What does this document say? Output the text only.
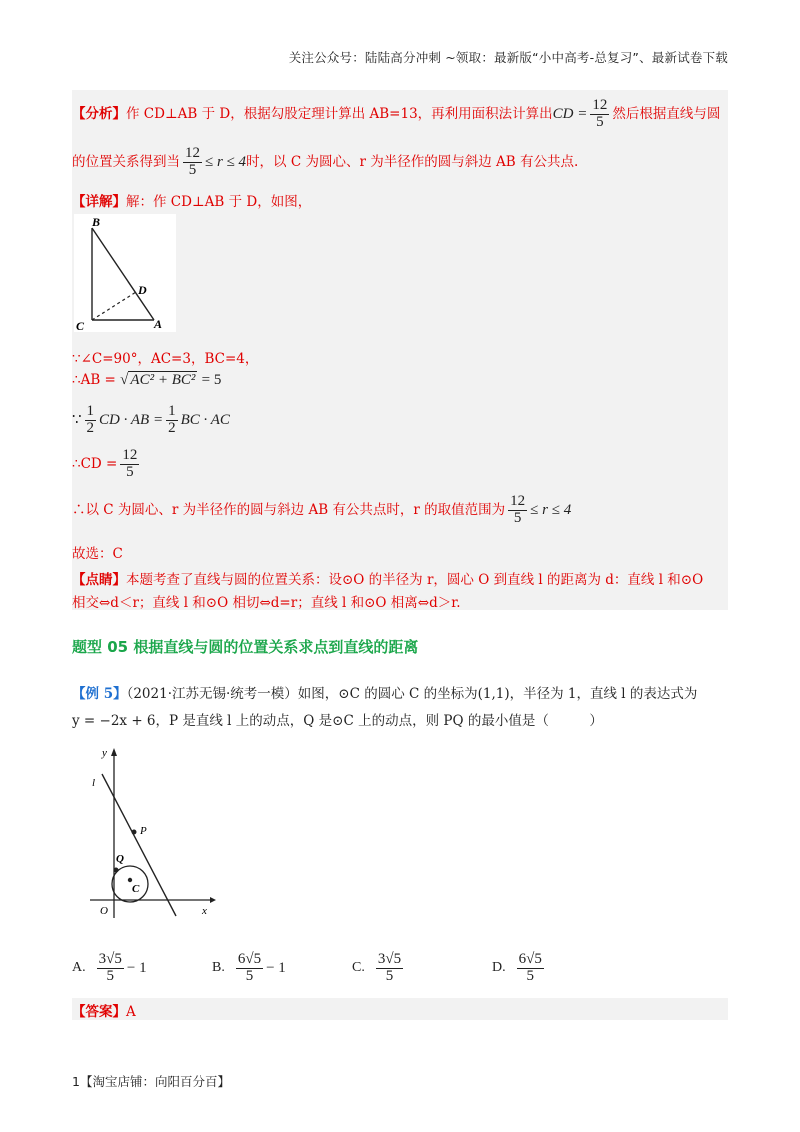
关注公众号：陆陆高分冲刺 ~领取：最新版“小中高考-总复习”、最新试卷下载
【分析】作 CD⊥AB 于 D，根据勾股定理计算出 AB=13，再利用面积法计算出CD = $\frac{12}{5}$ 然后根据直线与圆
的位置关系得到当 $\frac{12}{5} \le r \le 4$时，以 C 为圆心、r 为半径作的圆与斜边 AB 有公共点.
【详解】解：作 CD⊥AB 于 D，如图，
B
D
C	A
∵∠C=90°，AC=3，BC=4，
∴AB = √ AC² + BC² = 5
∵ $\frac{1}{2}$ CD · AB = $\frac{1}{2}$ BC · AC
∴CD = $\frac{12}{5}$
∴以 C 为圆心、r 为半径作的圆与斜边 AB 有公共点时，r 的取值范围为 $\frac{12}{5} \le r \le 4$
故选：C
【点睛】本题考查了直线与圆的位置关系：设⊙O 的半径为 r，圆心 O 到直线 l 的距离为 d：直线 l 和⊙O
相交⇔d＜r；直线 l 和⊙O 相切⇔d=r；直线 l 和⊙O 相离⇔d＞r.
题型 05 根据直线与圆的位置关系求点到直线的距离
【例 5】（2021·江苏无锡·统考一模）如图，⊙C 的圆心 C 的坐标为(1,1)，半径为 1，直线 l 的表达式为
y = −2x + 6，P 是直线 l 上的动点，Q 是⊙C 上的动点，则 PQ 的最小值是（　　　）
y
l
P
Q
C
O	x
A. $\frac{3√5}{5} - 1$	B. $\frac{6√5}{5} - 1$	C. $\frac{3√5}{5}$	D. $\frac{6√5}{5}$
【答案】A
1【淘宝店铺：向阳百分百】
